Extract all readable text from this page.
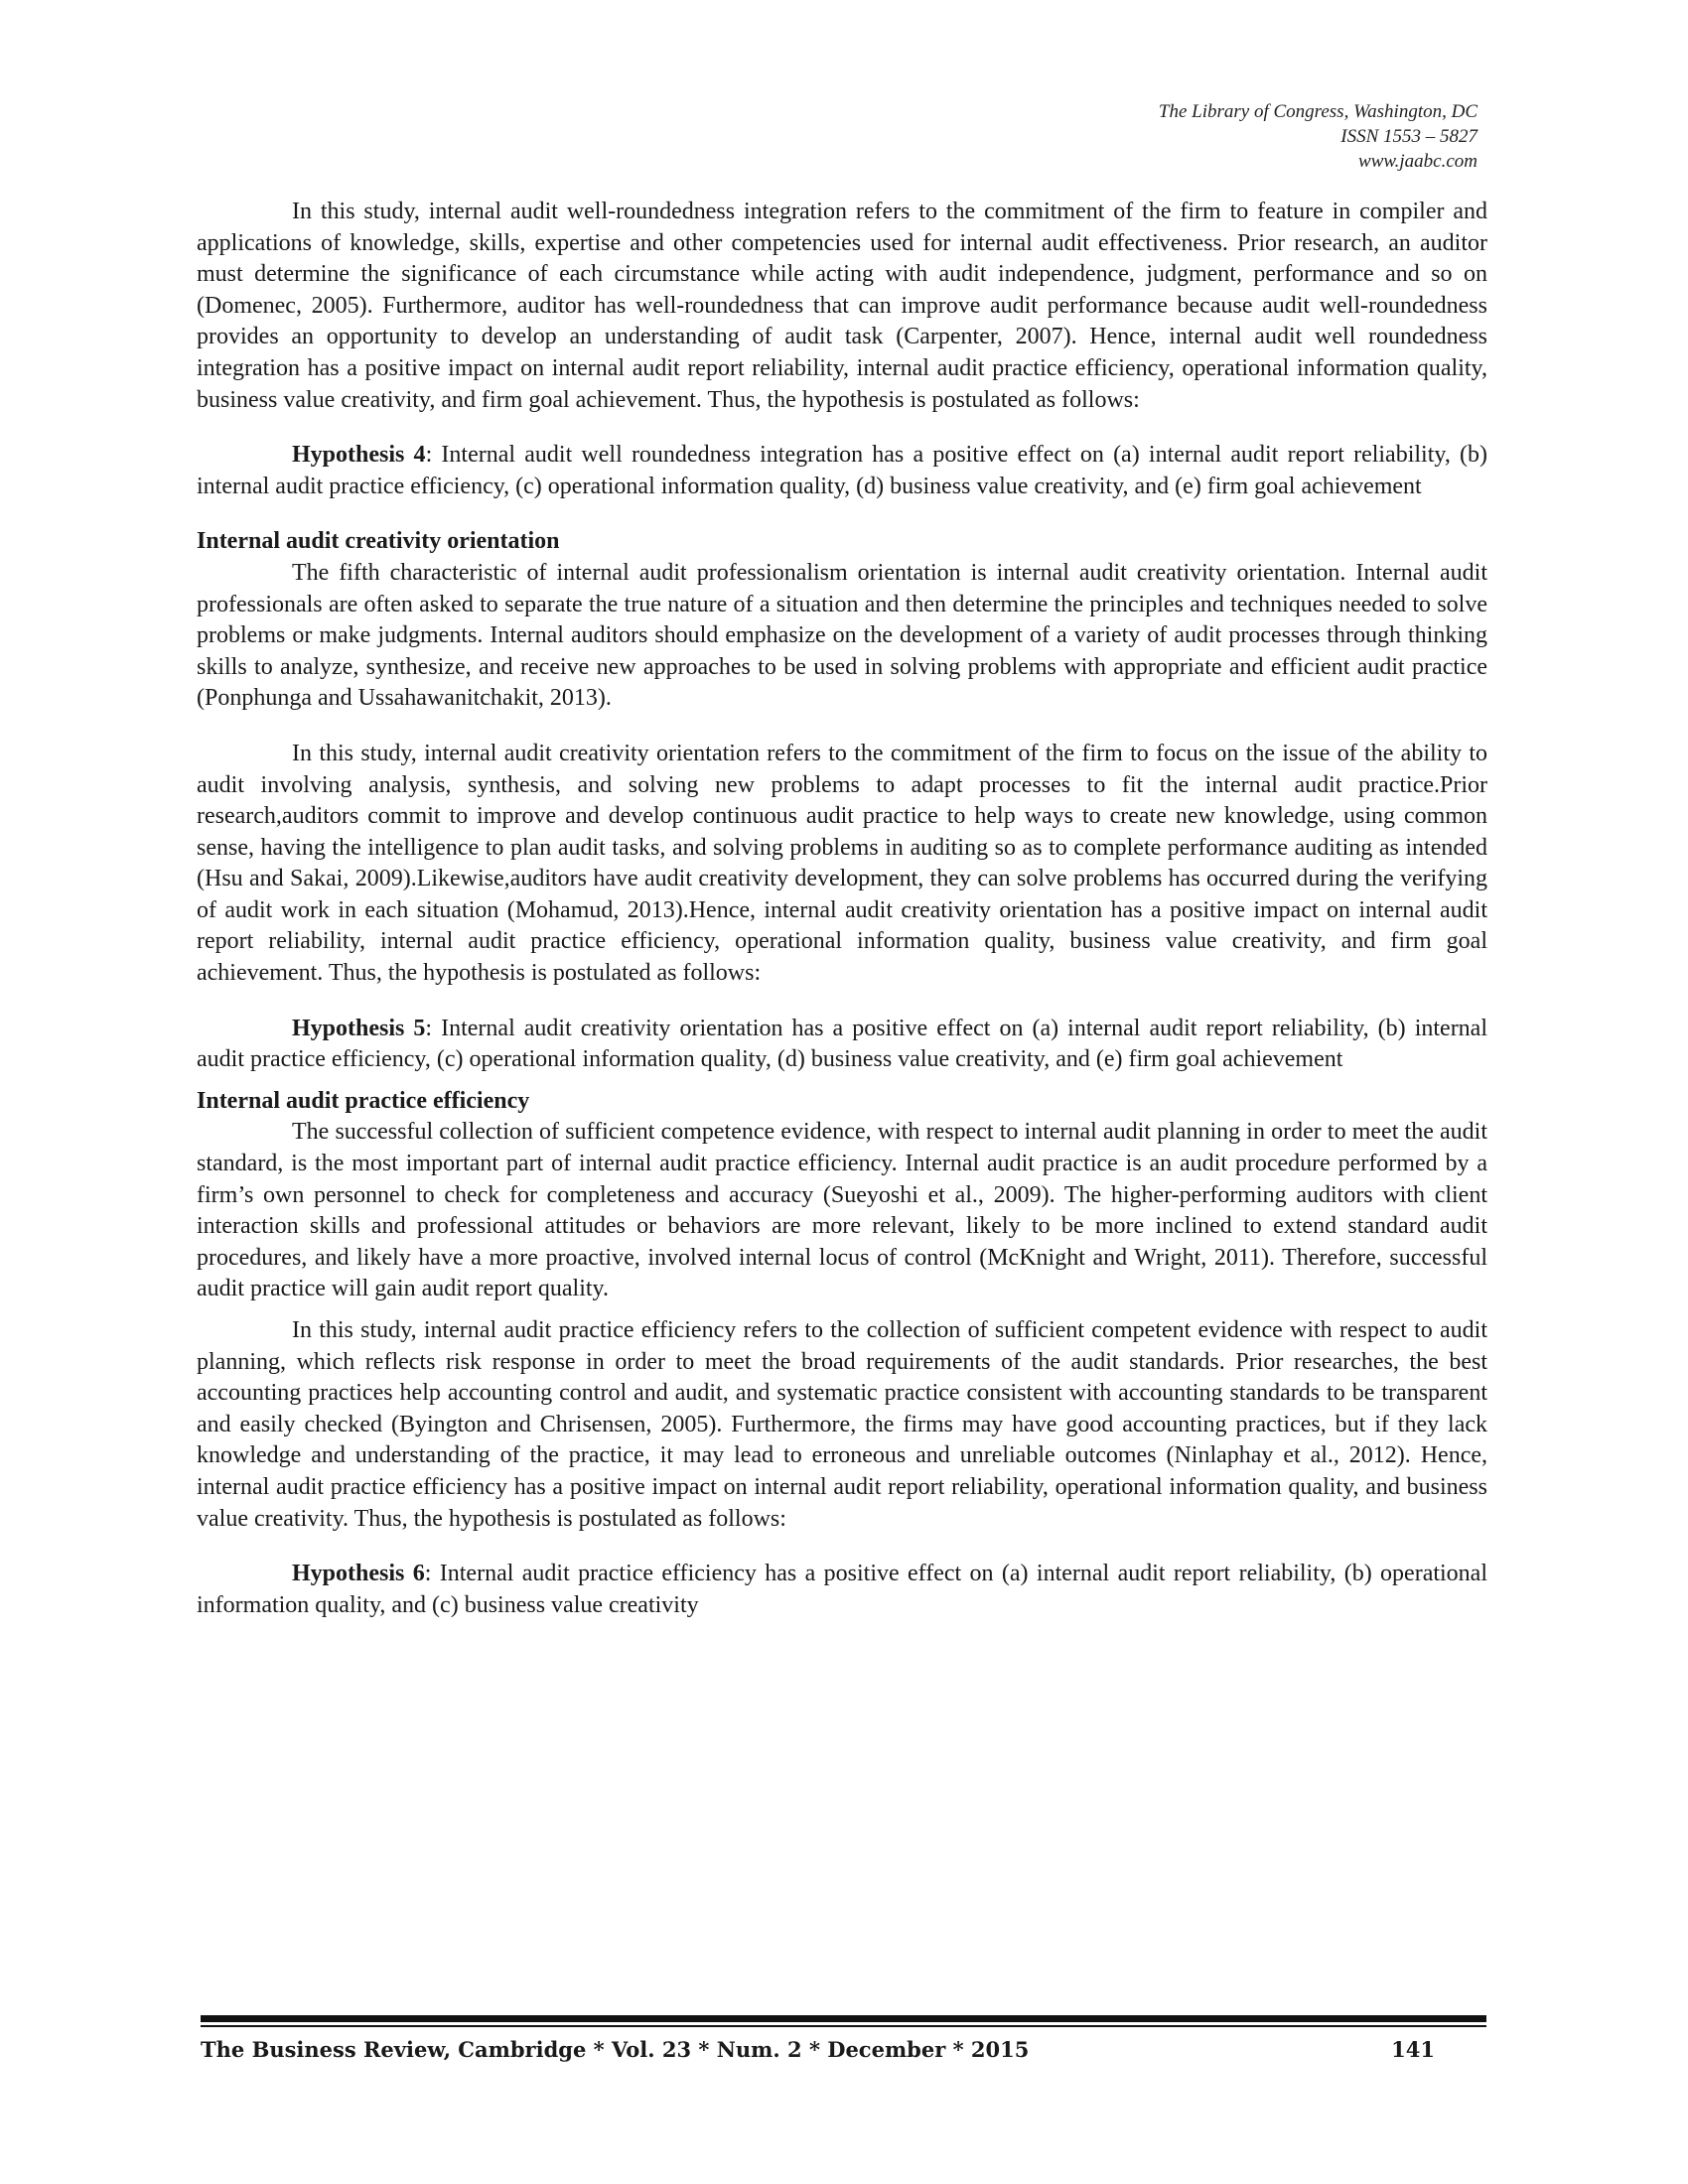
The Library of Congress, Washington, DC
ISSN 1553 – 5827
www.jaabc.com

In this study, internal audit well-roundedness integration refers to the commitment of the firm to feature in compiler and applications of knowledge, skills, expertise and other competencies used for internal audit effectiveness. Prior research, an auditor must determine the significance of each circumstance while acting with audit independence, judgment, performance and so on (Domenec, 2005). Furthermore, auditor has well-roundedness that can improve audit performance because audit well-roundedness provides an opportunity to develop an understanding of audit task (Carpenter, 2007). Hence, internal audit well roundedness integration has a positive impact on internal audit report reliability, internal audit practice efficiency, operational information quality, business value creativity, and firm goal achievement. Thus, the hypothesis is postulated as follows:

Hypothesis 4: Internal audit well roundedness integration has a positive effect on (a) internal audit report reliability, (b) internal audit practice efficiency, (c) operational information quality, (d) business value creativity, and (e) firm goal achievement

Internal audit creativity orientation

The fifth characteristic of internal audit professionalism orientation is internal audit creativity orientation. Internal audit professionals are often asked to separate the true nature of a situation and then determine the principles and techniques needed to solve problems or make judgments. Internal auditors should emphasize on the development of a variety of audit processes through thinking skills to analyze, synthesize, and receive new approaches to be used in solving problems with appropriate and efficient audit practice (Ponphunga and Ussahawanitchakit, 2013).

In this study, internal audit creativity orientation refers to the commitment of the firm to focus on the issue of the ability to audit involving analysis, synthesis, and solving new problems to adapt processes to fit the internal audit practice.Prior research,auditors commit to improve and develop continuous audit practice to help ways to create new knowledge, using common sense, having the intelligence to plan audit tasks, and solving problems in auditing so as to complete performance auditing as intended (Hsu and Sakai, 2009).Likewise,auditors have audit creativity development, they can solve problems has occurred during the verifying of audit work in each situation (Mohamud, 2013).Hence, internal audit creativity orientation has a positive impact on internal audit report reliability, internal audit practice efficiency, operational information quality, business value creativity, and firm goal achievement. Thus, the hypothesis is postulated as follows:

Hypothesis 5: Internal audit creativity orientation has a positive effect on (a) internal audit report reliability, (b) internal audit practice efficiency, (c) operational information quality, (d) business value creativity, and (e) firm goal achievement

Internal audit practice efficiency

The successful collection of sufficient competence evidence, with respect to internal audit planning in order to meet the audit standard, is the most important part of internal audit practice efficiency. Internal audit practice is an audit procedure performed by a firm’s own personnel to check for completeness and accuracy (Sueyoshi et al., 2009). The higher-performing auditors with client interaction skills and professional attitudes or behaviors are more relevant, likely to be more inclined to extend standard audit procedures, and likely have a more proactive, involved internal locus of control (McKnight and Wright, 2011). Therefore, successful audit practice will gain audit report quality.

In this study, internal audit practice efficiency refers to the collection of sufficient competent evidence with respect to audit planning, which reflects risk response in order to meet the broad requirements of the audit standards. Prior researches, the best accounting practices help accounting control and audit, and systematic practice consistent with accounting standards to be transparent and easily checked (Byington and Chrisensen, 2005). Furthermore, the firms may have good accounting practices, but if they lack knowledge and understanding of the practice, it may lead to erroneous and unreliable outcomes (Ninlaphay et al., 2012). Hence, internal audit practice efficiency has a positive impact on internal audit report reliability, operational information quality, and business value creativity. Thus, the hypothesis is postulated as follows:

Hypothesis 6: Internal audit practice efficiency has a positive effect on (a) internal audit report reliability, (b) operational information quality, and (c) business value creativity

The Business Review, Cambridge * Vol. 23 * Num. 2 * December * 2015	141
